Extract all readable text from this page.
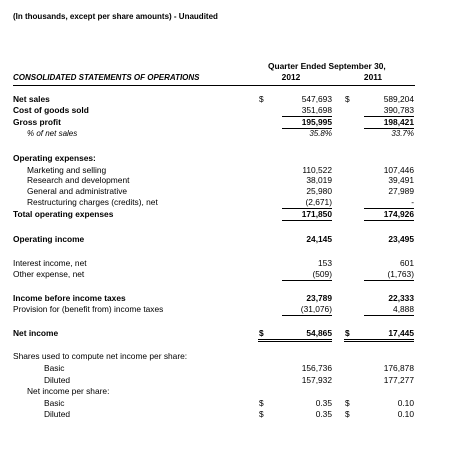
(In thousands, except per share amounts) - Unaudited
Quarter Ended September 30,
CONSOLIDATED STATEMENTS OF OPERATIONS	2012	2011
Net sales	$	547,693 $	589,204
Cost of goods sold	351,698	390,783
Gross profit	195,995	198,421
% of net sales	35.8%	33.7%
Operating expenses:
Marketing and selling	110,522	107,446
Research and development	38,019	39,491
General and administrative	25,980	27,989
Restructuring charges (credits), net	(2,671)	-
Total operating expenses	171,850	174,926
Operating income	24,145	23,495
Interest income, net	153	601
Other expense, net	(509)	(1,763)
Income before income taxes	23,789	22,333
Provision for (benefit from) income taxes	(31,076)	4,888
Net income	$	54,865 $	17,445
Shares used to compute net income per share:
Basic	156,736	176,878
Diluted	157,932	177,277
Net income per share:
Basic	$	0.35 $	0.10
Diluted	$	0.35 $	0.10
